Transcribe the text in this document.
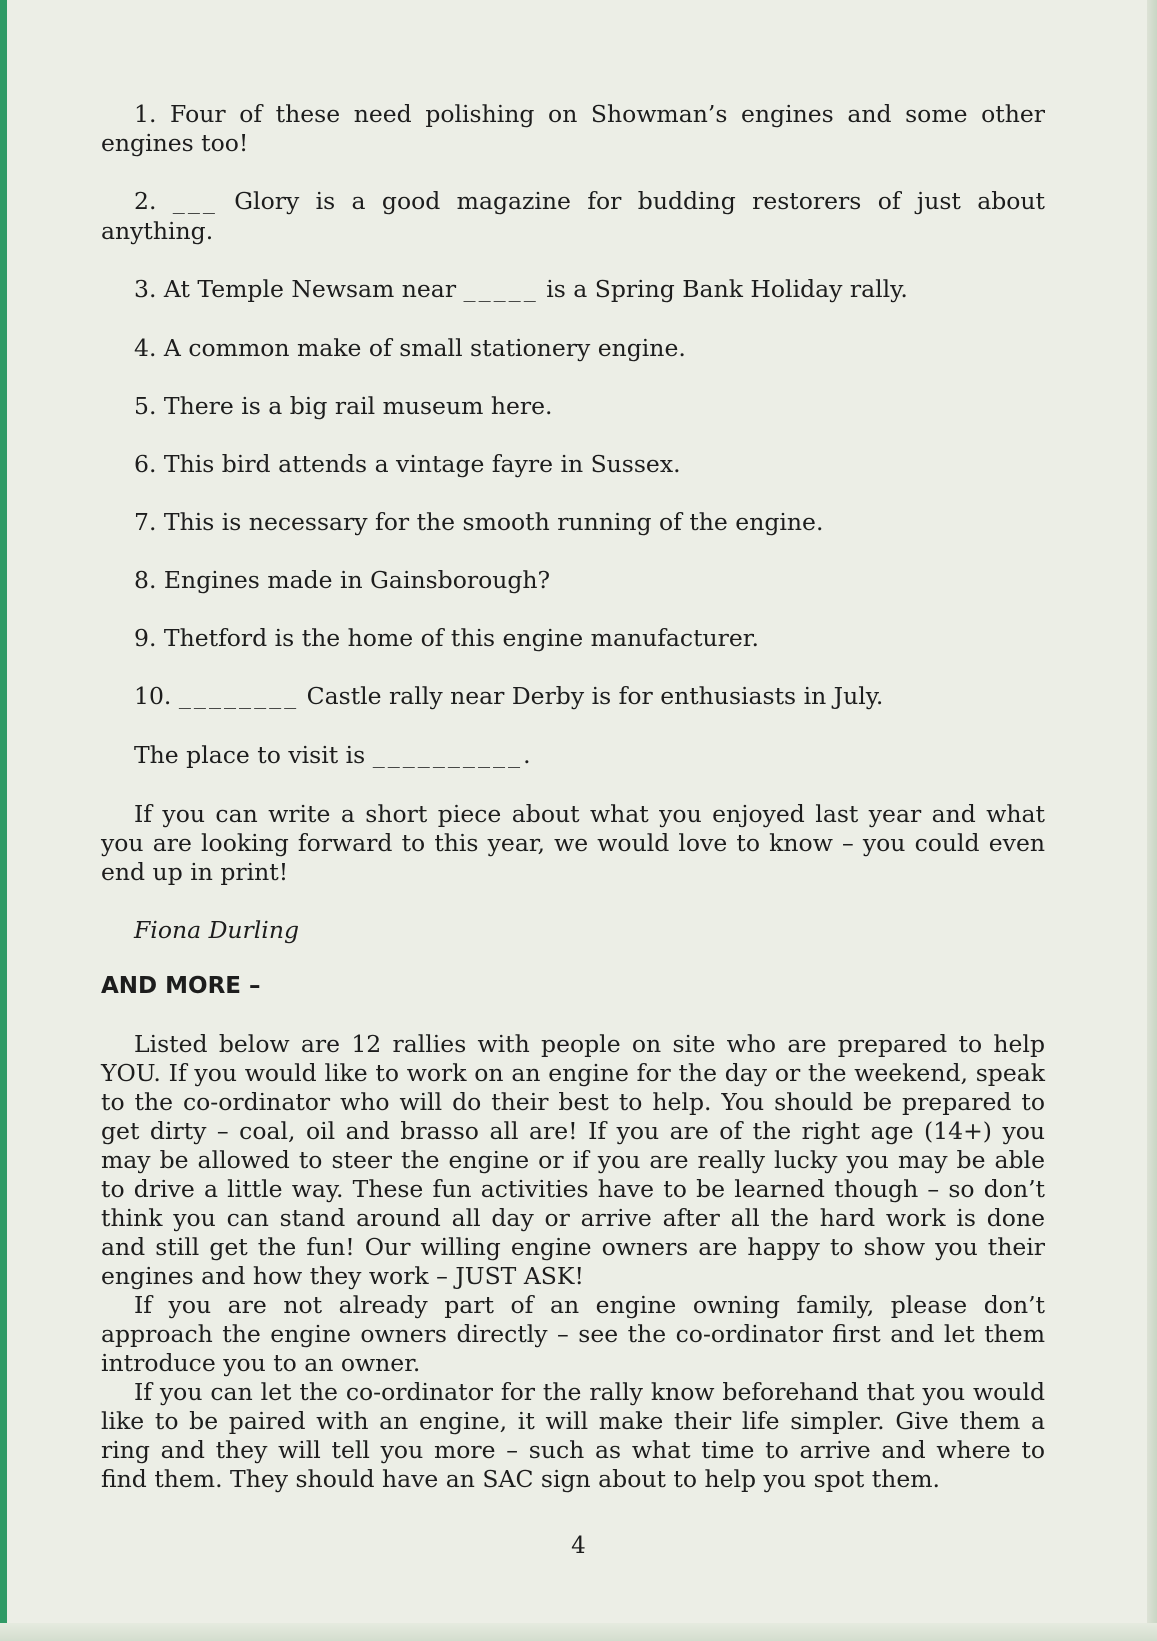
1. Four of these need polishing on Showman’s engines and some other engines too!

2. ___ Glory is a good magazine for budding restorers of just about anything.

3. At Temple Newsam near _____ is a Spring Bank Holiday rally.

4. A common make of small stationery engine.

5. There is a big rail museum here.

6. This bird attends a vintage fayre in Sussex.

7. This is necessary for the smooth running of the engine.

8. Engines made in Gainsborough?

9. Thetford is the home of this engine manufacturer.

10. ________ Castle rally near Derby is for enthusiasts in July.

The place to visit is __________.

If you can write a short piece about what you enjoyed last year and what you are looking forward to this year, we would love to know – you could even end up in print!

Fiona Durling

AND MORE –

Listed below are 12 rallies with people on site who are prepared to help YOU. If you would like to work on an engine for the day or the weekend, speak to the co-ordinator who will do their best to help. You should be prepared to get dirty – coal, oil and brasso all are! If you are of the right age (14+) you may be allowed to steer the engine or if you are really lucky you may be able to drive a little way. These fun activities have to be learned though – so don’t think you can stand around all day or arrive after all the hard work is done and still get the fun! Our willing engine owners are happy to show you their engines and how they work – JUST ASK!

If you are not already part of an engine owning family, please don’t approach the engine owners directly – see the co-ordinator first and let them introduce you to an owner.

If you can let the co-ordinator for the rally know beforehand that you would like to be paired with an engine, it will make their life simpler. Give them a ring and they will tell you more – such as what time to arrive and where to find them. They should have an SAC sign about to help you spot them.

4
